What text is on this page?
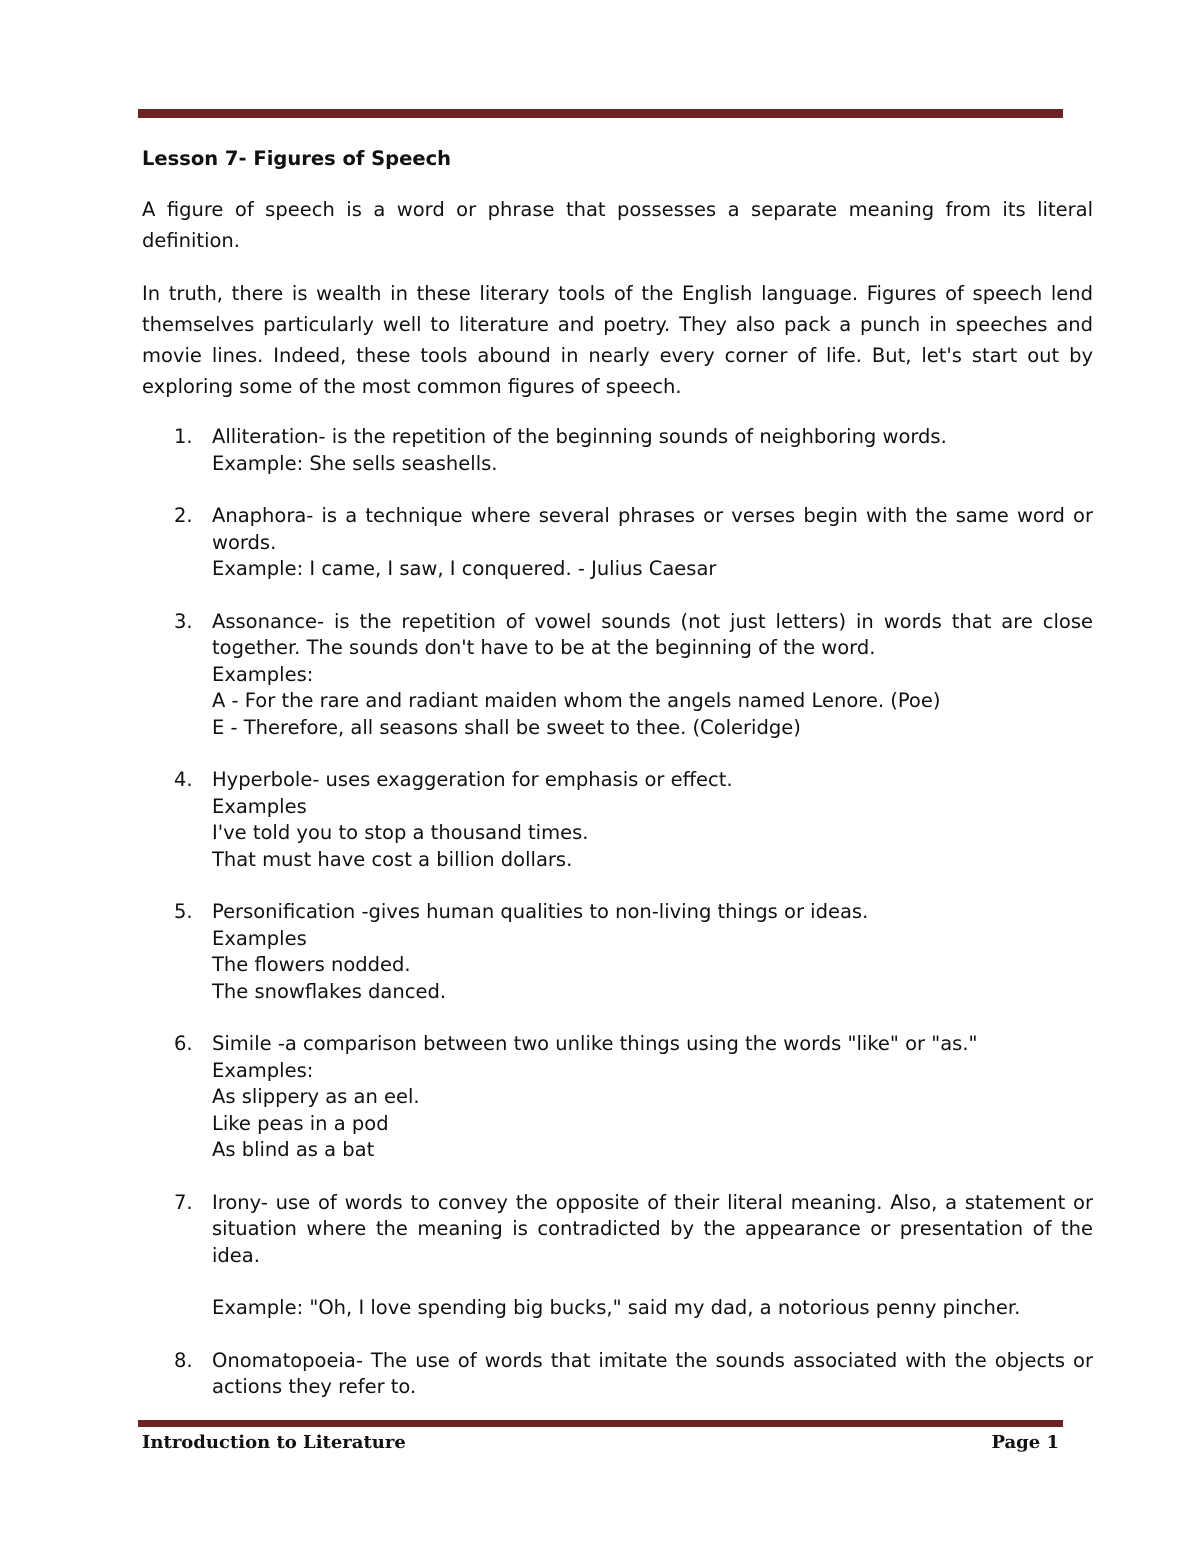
Lesson 7- Figures of Speech

A figure of speech is a word or phrase that possesses a separate meaning from its literal definition.

In truth, there is wealth in these literary tools of the English language. Figures of speech lend themselves particularly well to literature and poetry. They also pack a punch in speeches and movie lines. Indeed, these tools abound in nearly every corner of life. But, let's start out by exploring some of the most common figures of speech.

1. Alliteration- is the repetition of the beginning sounds of neighboring words.
Example: She sells seashells.
2. Anaphora- is a technique where several phrases or verses begin with the same word or words.
Example: I came, I saw, I conquered. - Julius Caesar
3. Assonance- is the repetition of vowel sounds (not just letters) in words that are close together. The sounds don't have to be at the beginning of the word.
Examples:
A - For the rare and radiant maiden whom the angels named Lenore. (Poe)
E - Therefore, all seasons shall be sweet to thee. (Coleridge)
4. Hyperbole- uses exaggeration for emphasis or effect.
Examples
I've told you to stop a thousand times.
That must have cost a billion dollars.
5. Personification -gives human qualities to non-living things or ideas.
Examples
The flowers nodded.
The snowflakes danced.
6. Simile -a comparison between two unlike things using the words "like" or "as."
Examples:
As slippery as an eel.
Like peas in a pod
As blind as a bat
7. Irony- use of words to convey the opposite of their literal meaning. Also, a statement or situation where the meaning is contradicted by the appearance or presentation of the idea.
Example: "Oh, I love spending big bucks," said my dad, a notorious penny pincher.
8. Onomatopoeia- The use of words that imitate the sounds associated with the objects or actions they refer to.
Introduction to Literature	Page 1
